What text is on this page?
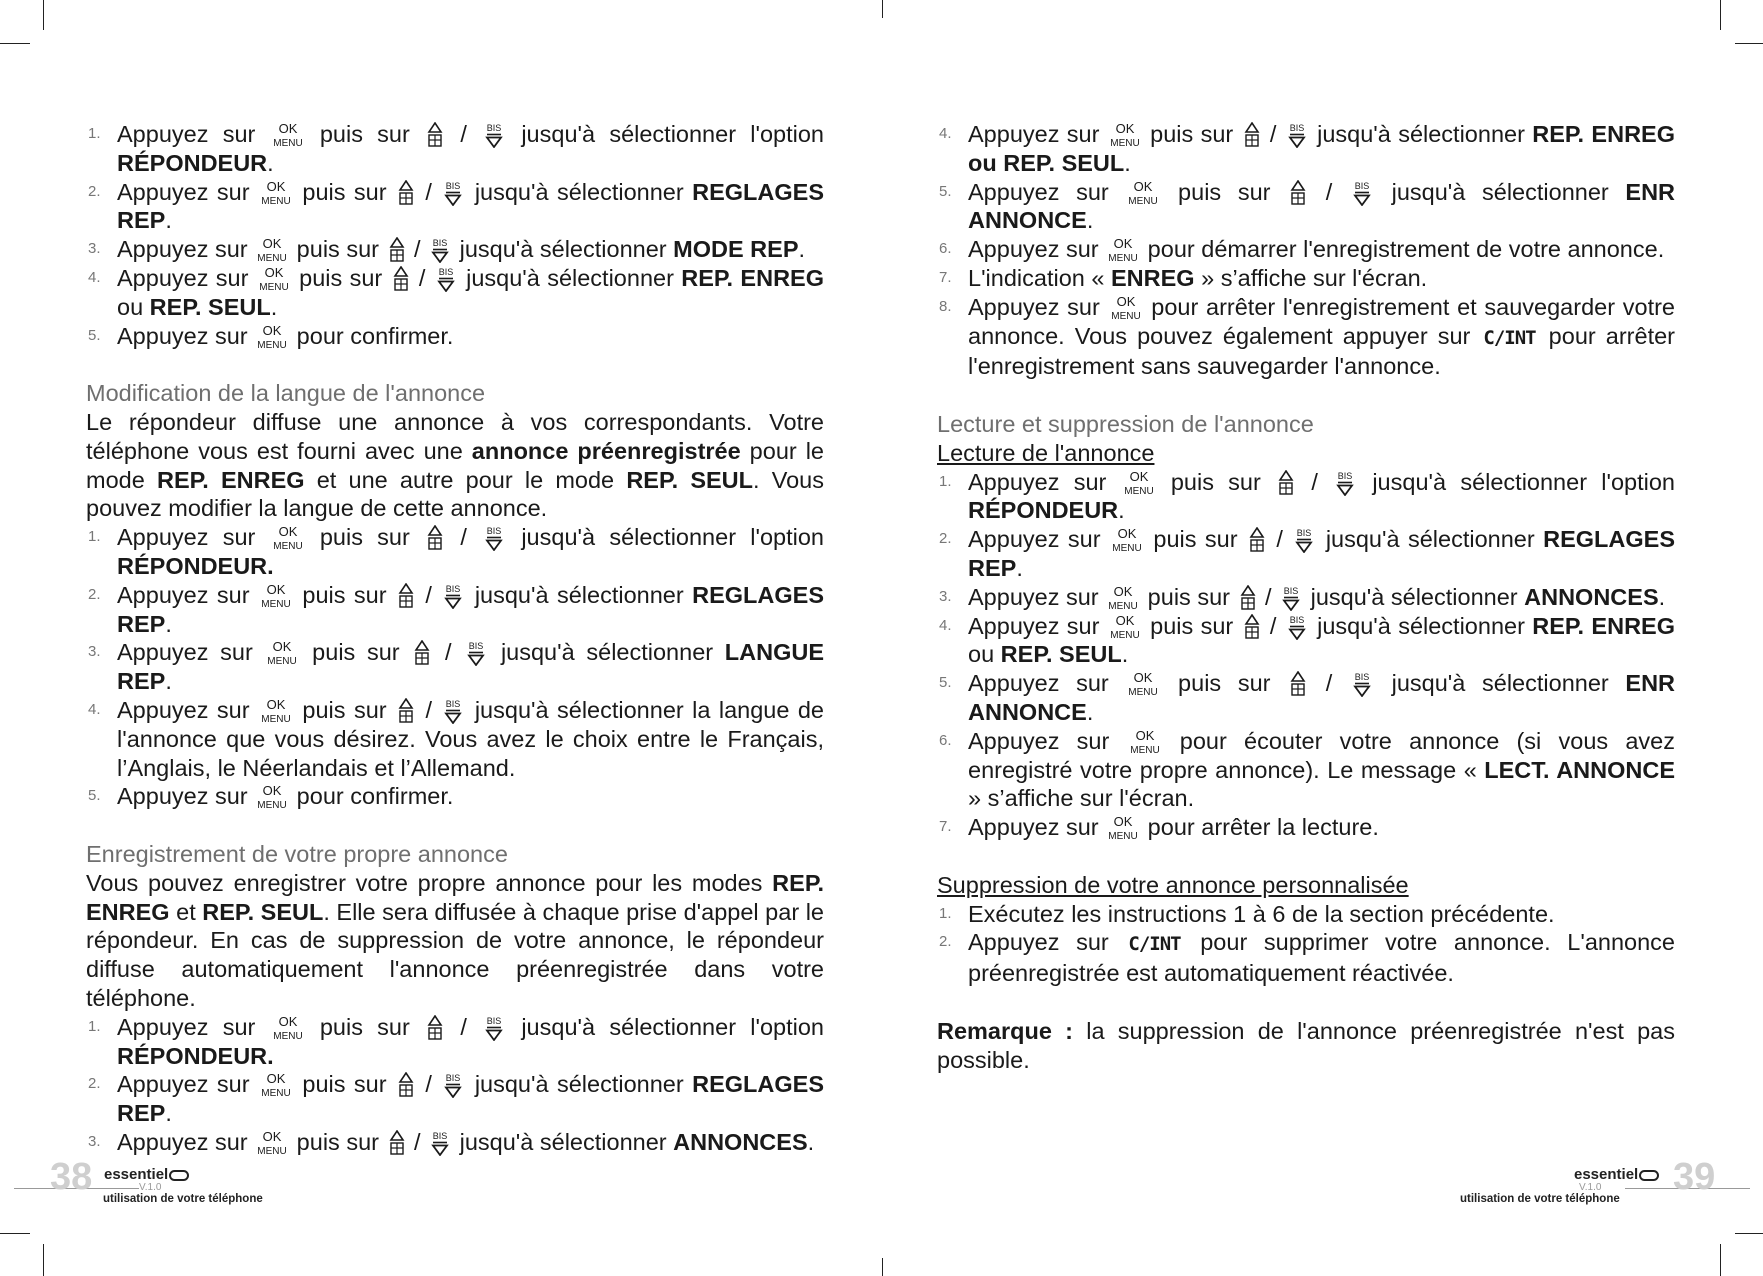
1. Appuyez sur OK
MENU puis sur
/ BIS jusqu'à sélectionner l'option RÉPONDEUR.
2. Appuyez sur OK
MENU puis sur
/ BIS jusqu'à sélectionner REGLAGES REP.
3. Appuyez sur OK
MENU puis sur
/ BIS jusqu'à sélectionner MODE REP.
4. Appuyez sur OK
MENU puis sur
/ BIS jusqu'à sélectionner REP. ENREG ou REP. SEUL.
5. Appuyez sur OK
MENU pour confirmer.
Modification de la langue de l'annonce
Le répondeur diffuse une annonce à vos correspondants. Votre téléphone vous est fourni avec une annonce préenregistrée pour le mode REP. ENREG et une autre pour le mode REP. SEUL. Vous pouvez modifier la langue de cette annonce.
1. Appuyez sur OK
MENU puis sur
/ BIS jusqu'à sélectionner l'option RÉPONDEUR.
2. Appuyez sur OK
MENU puis sur
/ BIS jusqu'à sélectionner REGLAGES REP.
3. Appuyez sur OK
MENU puis sur
/ BIS jusqu'à sélectionner LANGUE REP.
4. Appuyez sur OK
MENU puis sur
/ BIS jusqu'à sélectionner la langue de l'annonce que vous désirez. Vous avez le choix entre le Français, l’Anglais, le Néerlandais et l’Allemand.
5. Appuyez sur OK
MENU pour confirmer.
Enregistrement de votre propre annonce
Vous pouvez enregistrer votre propre annonce pour les modes REP. ENREG et REP. SEUL. Elle sera diffusée à chaque prise d'appel par le répondeur. En cas de suppression de votre annonce, le répondeur diffuse automatiquement l'annonce préenregistrée dans votre téléphone.
1. Appuyez sur OK
MENU puis sur
/ BIS jusqu'à sélectionner l'option RÉPONDEUR.
2. Appuyez sur OK
MENU puis sur
/ BIS jusqu'à sélectionner REGLAGES REP.
3. Appuyez sur OK
MENU puis sur
/ BIS jusqu'à sélectionner ANNONCES.
4. Appuyez sur OK
MENU puis sur
/ BIS jusqu'à sélectionner REP. ENREG ou REP. SEUL.
5. Appuyez sur OK
MENU puis sur
/ BIS jusqu'à sélectionner ENR ANNONCE.
6. Appuyez sur OK
MENU pour démarrer l'enregistrement de votre annonce.
7. L'indication « ENREG » s’affiche sur l'écran.
8. Appuyez sur OK
MENU pour arrêter l'enregistrement et sauvegarder votre annonce. Vous pouvez également appuyer sur C/INT pour arrêter l'enregistrement sans sauvegarder l'annonce.
Lecture et suppression de l'annonce
Lecture de l'annonce
1. Appuyez sur OK
MENU puis sur
/ BIS jusqu'à sélectionner l'option RÉPONDEUR.
2. Appuyez sur OK
MENU puis sur
/ BIS jusqu'à sélectionner REGLAGES REP.
3. Appuyez sur OK
MENU puis sur
/ BIS jusqu'à sélectionner ANNONCES.
4. Appuyez sur OK
MENU puis sur
/ BIS jusqu'à sélectionner REP. ENREG ou REP. SEUL.
5. Appuyez sur OK
MENU puis sur
/ BIS jusqu'à sélectionner ENR ANNONCE.
6. Appuyez sur OK
MENU pour écouter votre annonce (si vous avez enregistré votre propre annonce). Le message « LECT. ANNONCE » s’affiche sur l'écran.
7. Appuyez sur OK
MENU pour arrêter la lecture.
Suppression de votre annonce personnalisée
1. Exécutez les instructions 1 à 6 de la section précédente.
2. Appuyez sur C/INT pour supprimer votre annonce. L'annonce préenregistrée est automatiquement réactivée.
Remarque : la suppression de l'annonce préenregistrée n'est pas possible.
38 essentiel
V.1.0
utilisation de votre téléphone
39
essentiel
V.1.0
utilisation de votre téléphone
